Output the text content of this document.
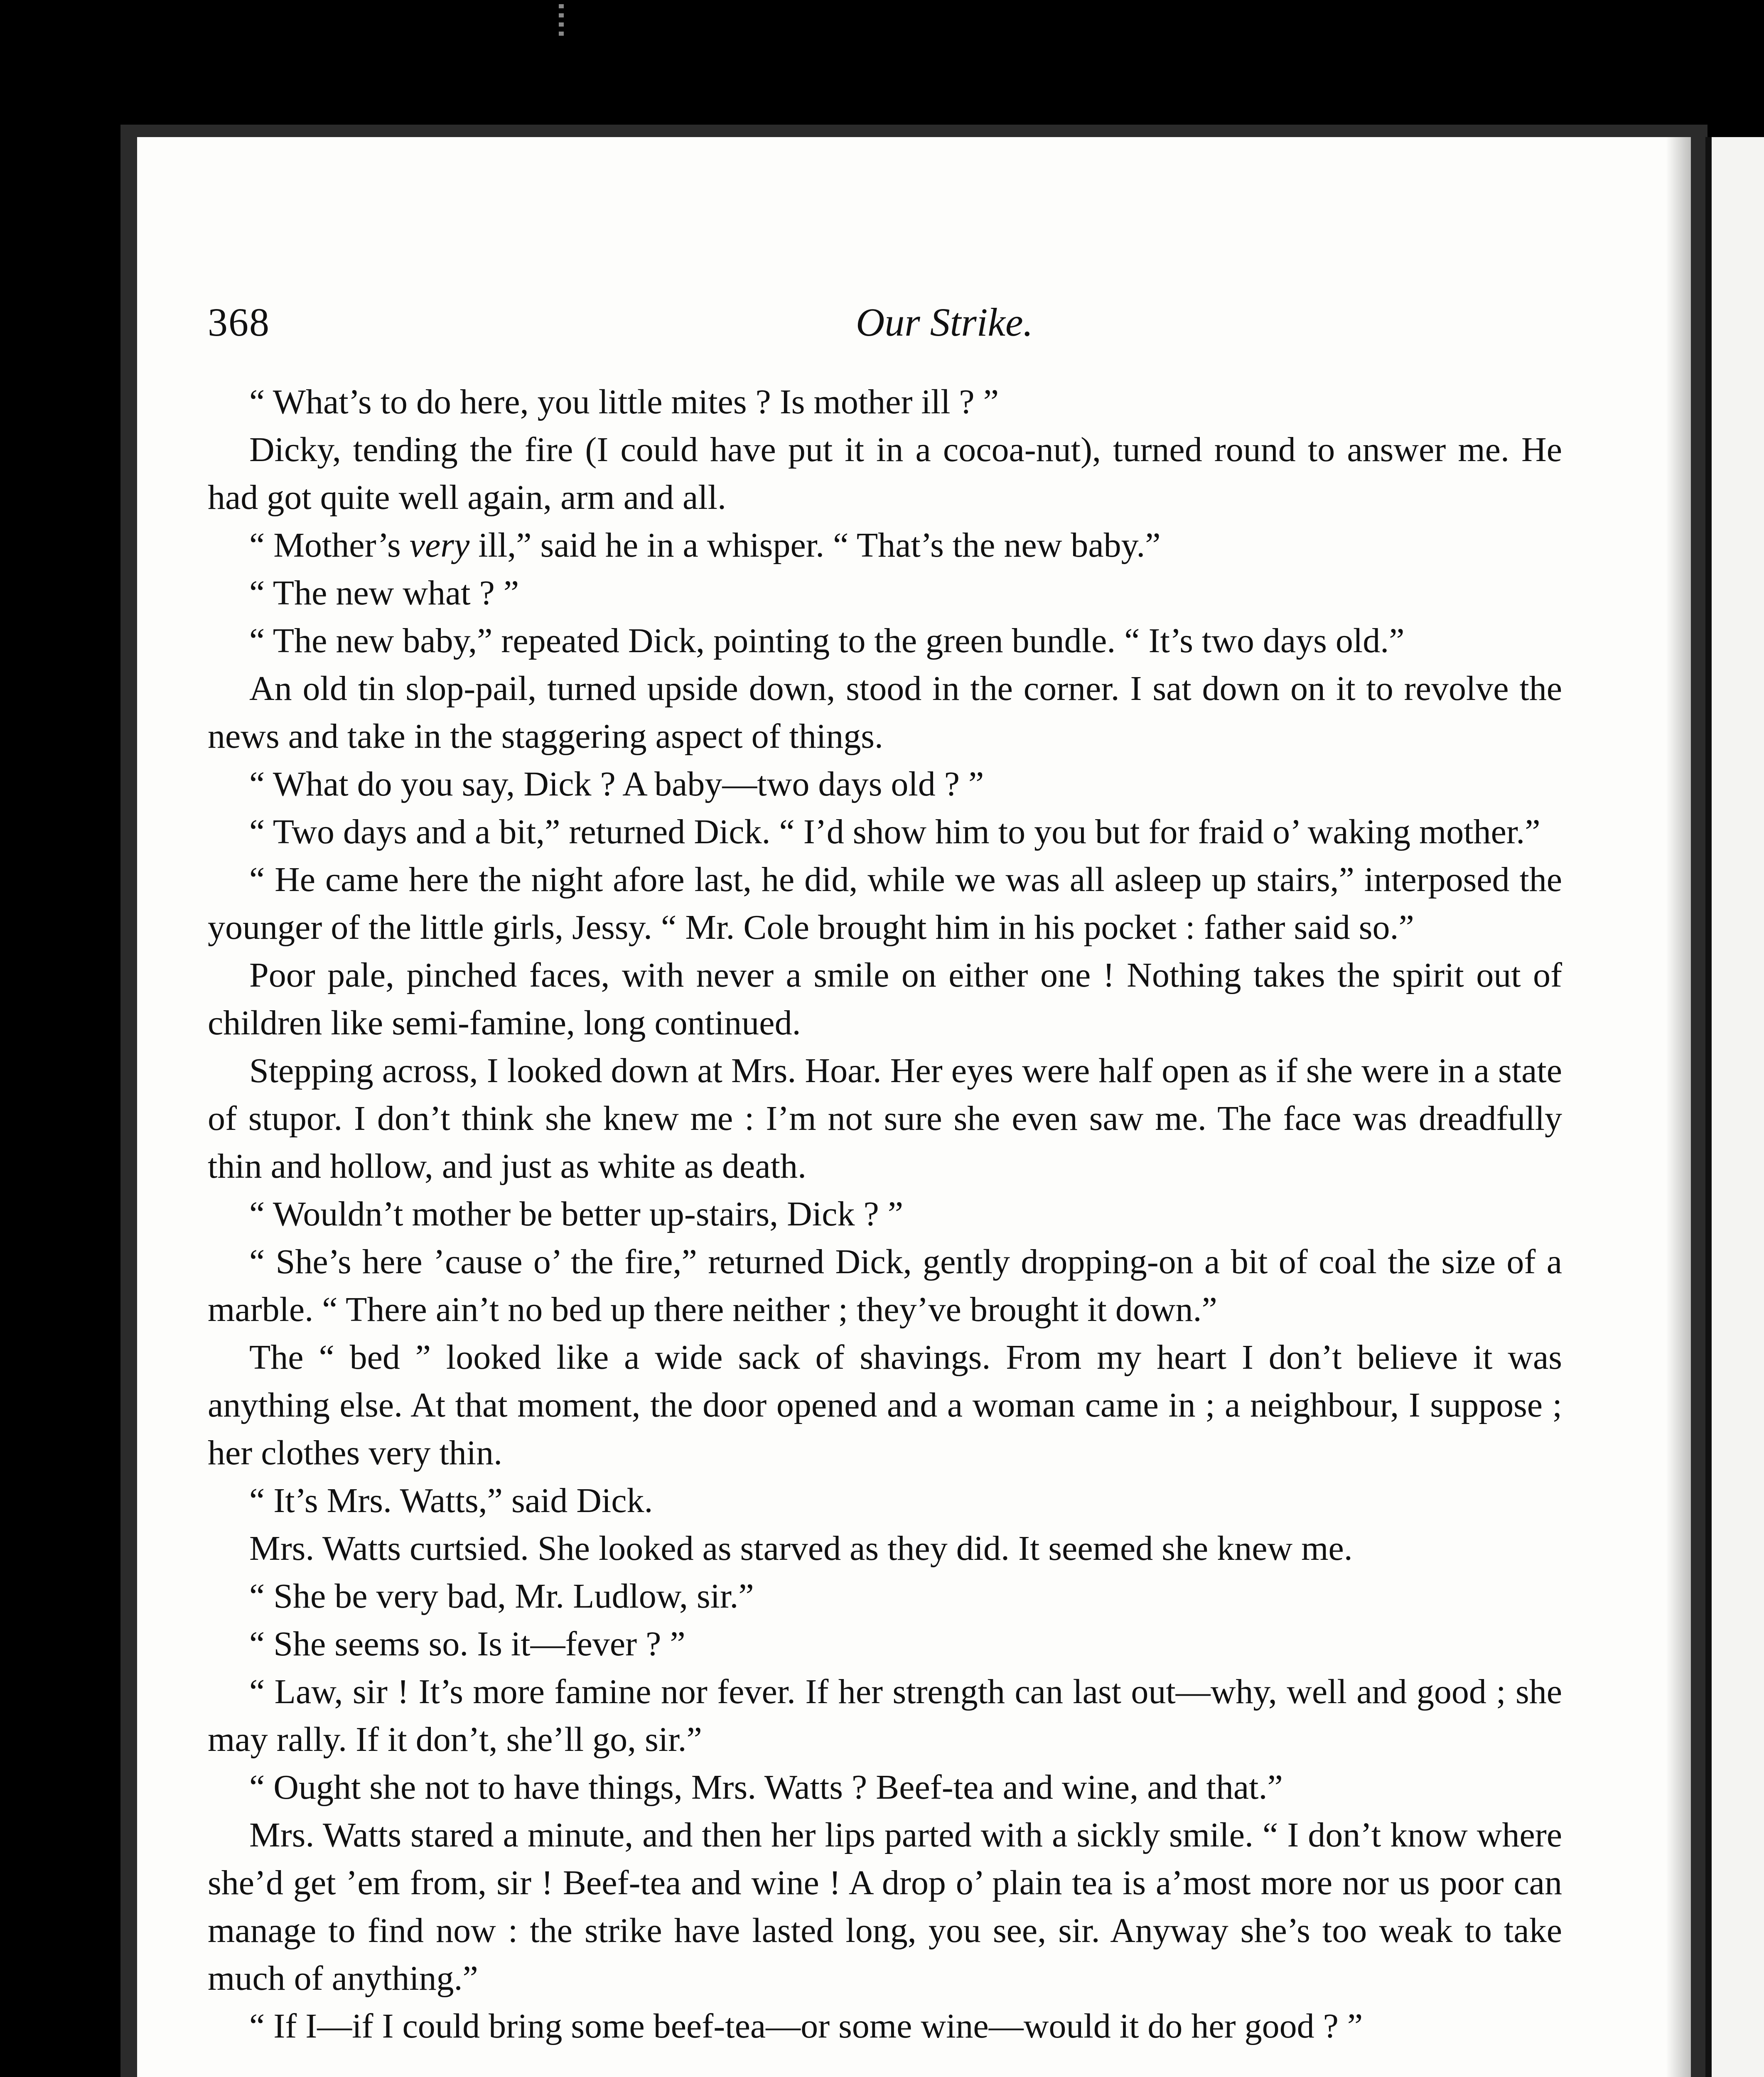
368	Our Strike.

“ What’s to do here, you little mites ? Is mother ill ? ”

Dicky, tending the fire (I could have put it in a cocoa-nut), turned round to answer me. He had got quite well again, arm and all.

“ Mother’s very ill,” said he in a whisper. “ That’s the new baby.”

“ The new what ? ”

“ The new baby,” repeated Dick, pointing to the green bundle. “ It’s two days old.”

An old tin slop-pail, turned upside down, stood in the corner. I sat down on it to revolve the news and take in the staggering aspect of things.

“ What do you say, Dick ? A baby—two days old ? ”

“ Two days and a bit,” returned Dick. “ I’d show him to you but for fraid o’ waking mother.”

“ He came here the night afore last, he did, while we was all asleep up stairs,” interposed the younger of the little girls, Jessy. “ Mr. Cole brought him in his pocket : father said so.”

Poor pale, pinched faces, with never a smile on either one ! Nothing takes the spirit out of children like semi-famine, long continued.

Stepping across, I looked down at Mrs. Hoar. Her eyes were half open as if she were in a state of stupor. I don’t think she knew me : I’m not sure she even saw me. The face was dreadfully thin and hollow, and just as white as death.

“ Wouldn’t mother be better up-stairs, Dick ? ”

“ She’s here ’cause o’ the fire,” returned Dick, gently dropping-on a bit of coal the size of a marble. “ There ain’t no bed up there neither ; they’ve brought it down.”

The “ bed ” looked like a wide sack of shavings. From my heart I don’t believe it was anything else. At that moment, the door opened and a woman came in ; a neighbour, I suppose ; her clothes very thin.

“ It’s Mrs. Watts,” said Dick.

Mrs. Watts curtsied. She looked as starved as they did. It seemed she knew me.

“ She be very bad, Mr. Ludlow, sir.”

“ She seems so. Is it—fever ? ”

“ Law, sir ! It’s more famine nor fever. If her strength can last out—why, well and good ; she may rally. If it don’t, she’ll go, sir.”

“ Ought she not to have things, Mrs. Watts ? Beef-tea and wine, and that.”

Mrs. Watts stared a minute, and then her lips parted with a sickly smile. “ I don’t know where she’d get ’em from, sir ! Beef-tea and wine ! A drop o’ plain tea is a’most more nor us poor can manage to find now : the strike have lasted long, you see, sir. Anyway she’s too weak to take much of anything.”

“ If I—if I could bring some beef-tea—or some wine—would it do her good ? ”
